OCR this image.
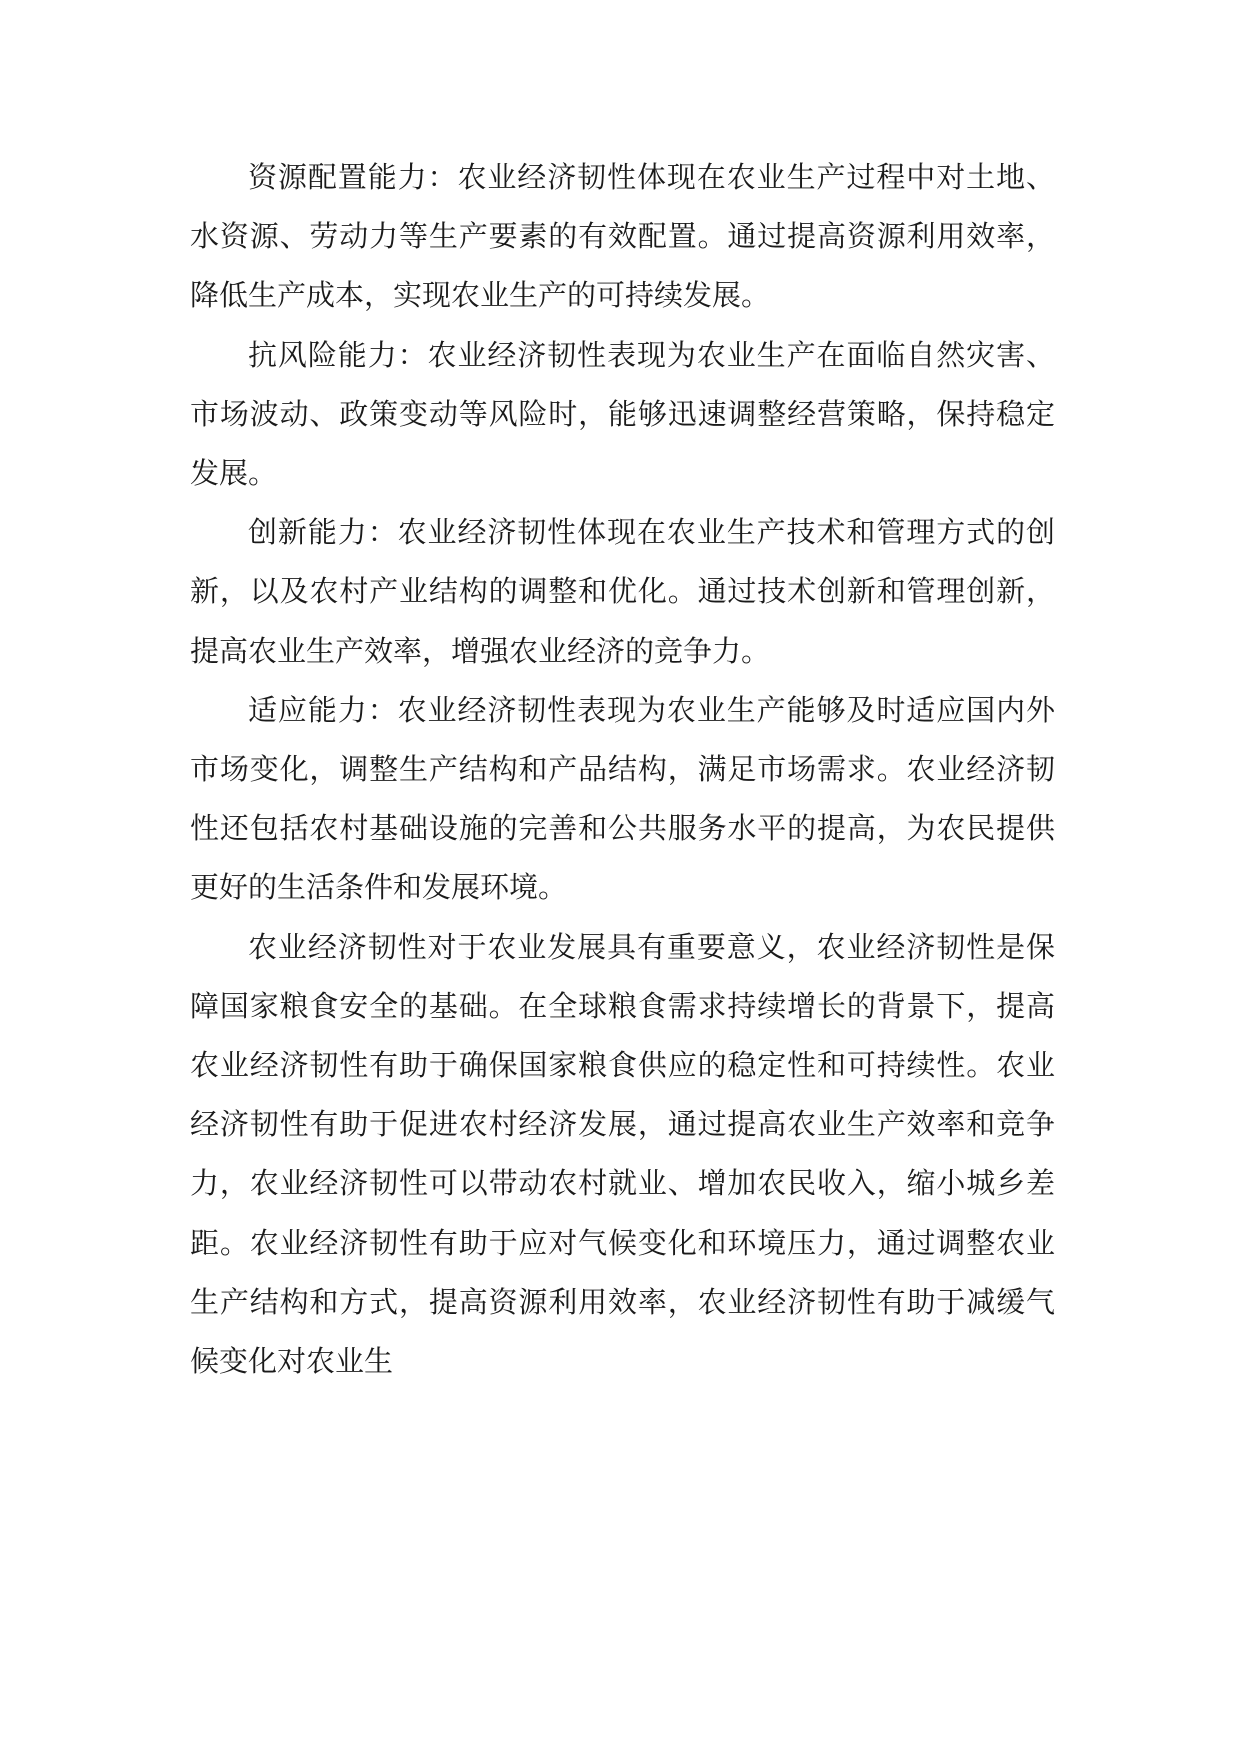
资源配置能力：农业经济韧性体现在农业生产过程中对土地、水资源、劳动力等生产要素的有效配置。通过提高资源利用效率，降低生产成本，实现农业生产的可持续发展。

抗风险能力：农业经济韧性表现为农业生产在面临自然灾害、市场波动、政策变动等风险时，能够迅速调整经营策略，保持稳定发展。

创新能力：农业经济韧性体现在农业生产技术和管理方式的创新，以及农村产业结构的调整和优化。通过技术创新和管理创新，提高农业生产效率，增强农业经济的竞争力。

适应能力：农业经济韧性表现为农业生产能够及时适应国内外市场变化，调整生产结构和产品结构，满足市场需求。农业经济韧性还包括农村基础设施的完善和公共服务水平的提高，为农民提供更好的生活条件和发展环境。

农业经济韧性对于农业发展具有重要意义，农业经济韧性是保障国家粮食安全的基础。在全球粮食需求持续增长的背景下，提高农业经济韧性有助于确保国家粮食供应的稳定性和可持续性。农业经济韧性有助于促进农村经济发展，通过提高农业生产效率和竞争力，农业经济韧性可以带动农村就业、增加农民收入，缩小城乡差距。农业经济韧性有助于应对气候变化和环境压力，通过调整农业生产结构和方式，提高资源利用效率，农业经济韧性有助于减缓气候变化对农业生
